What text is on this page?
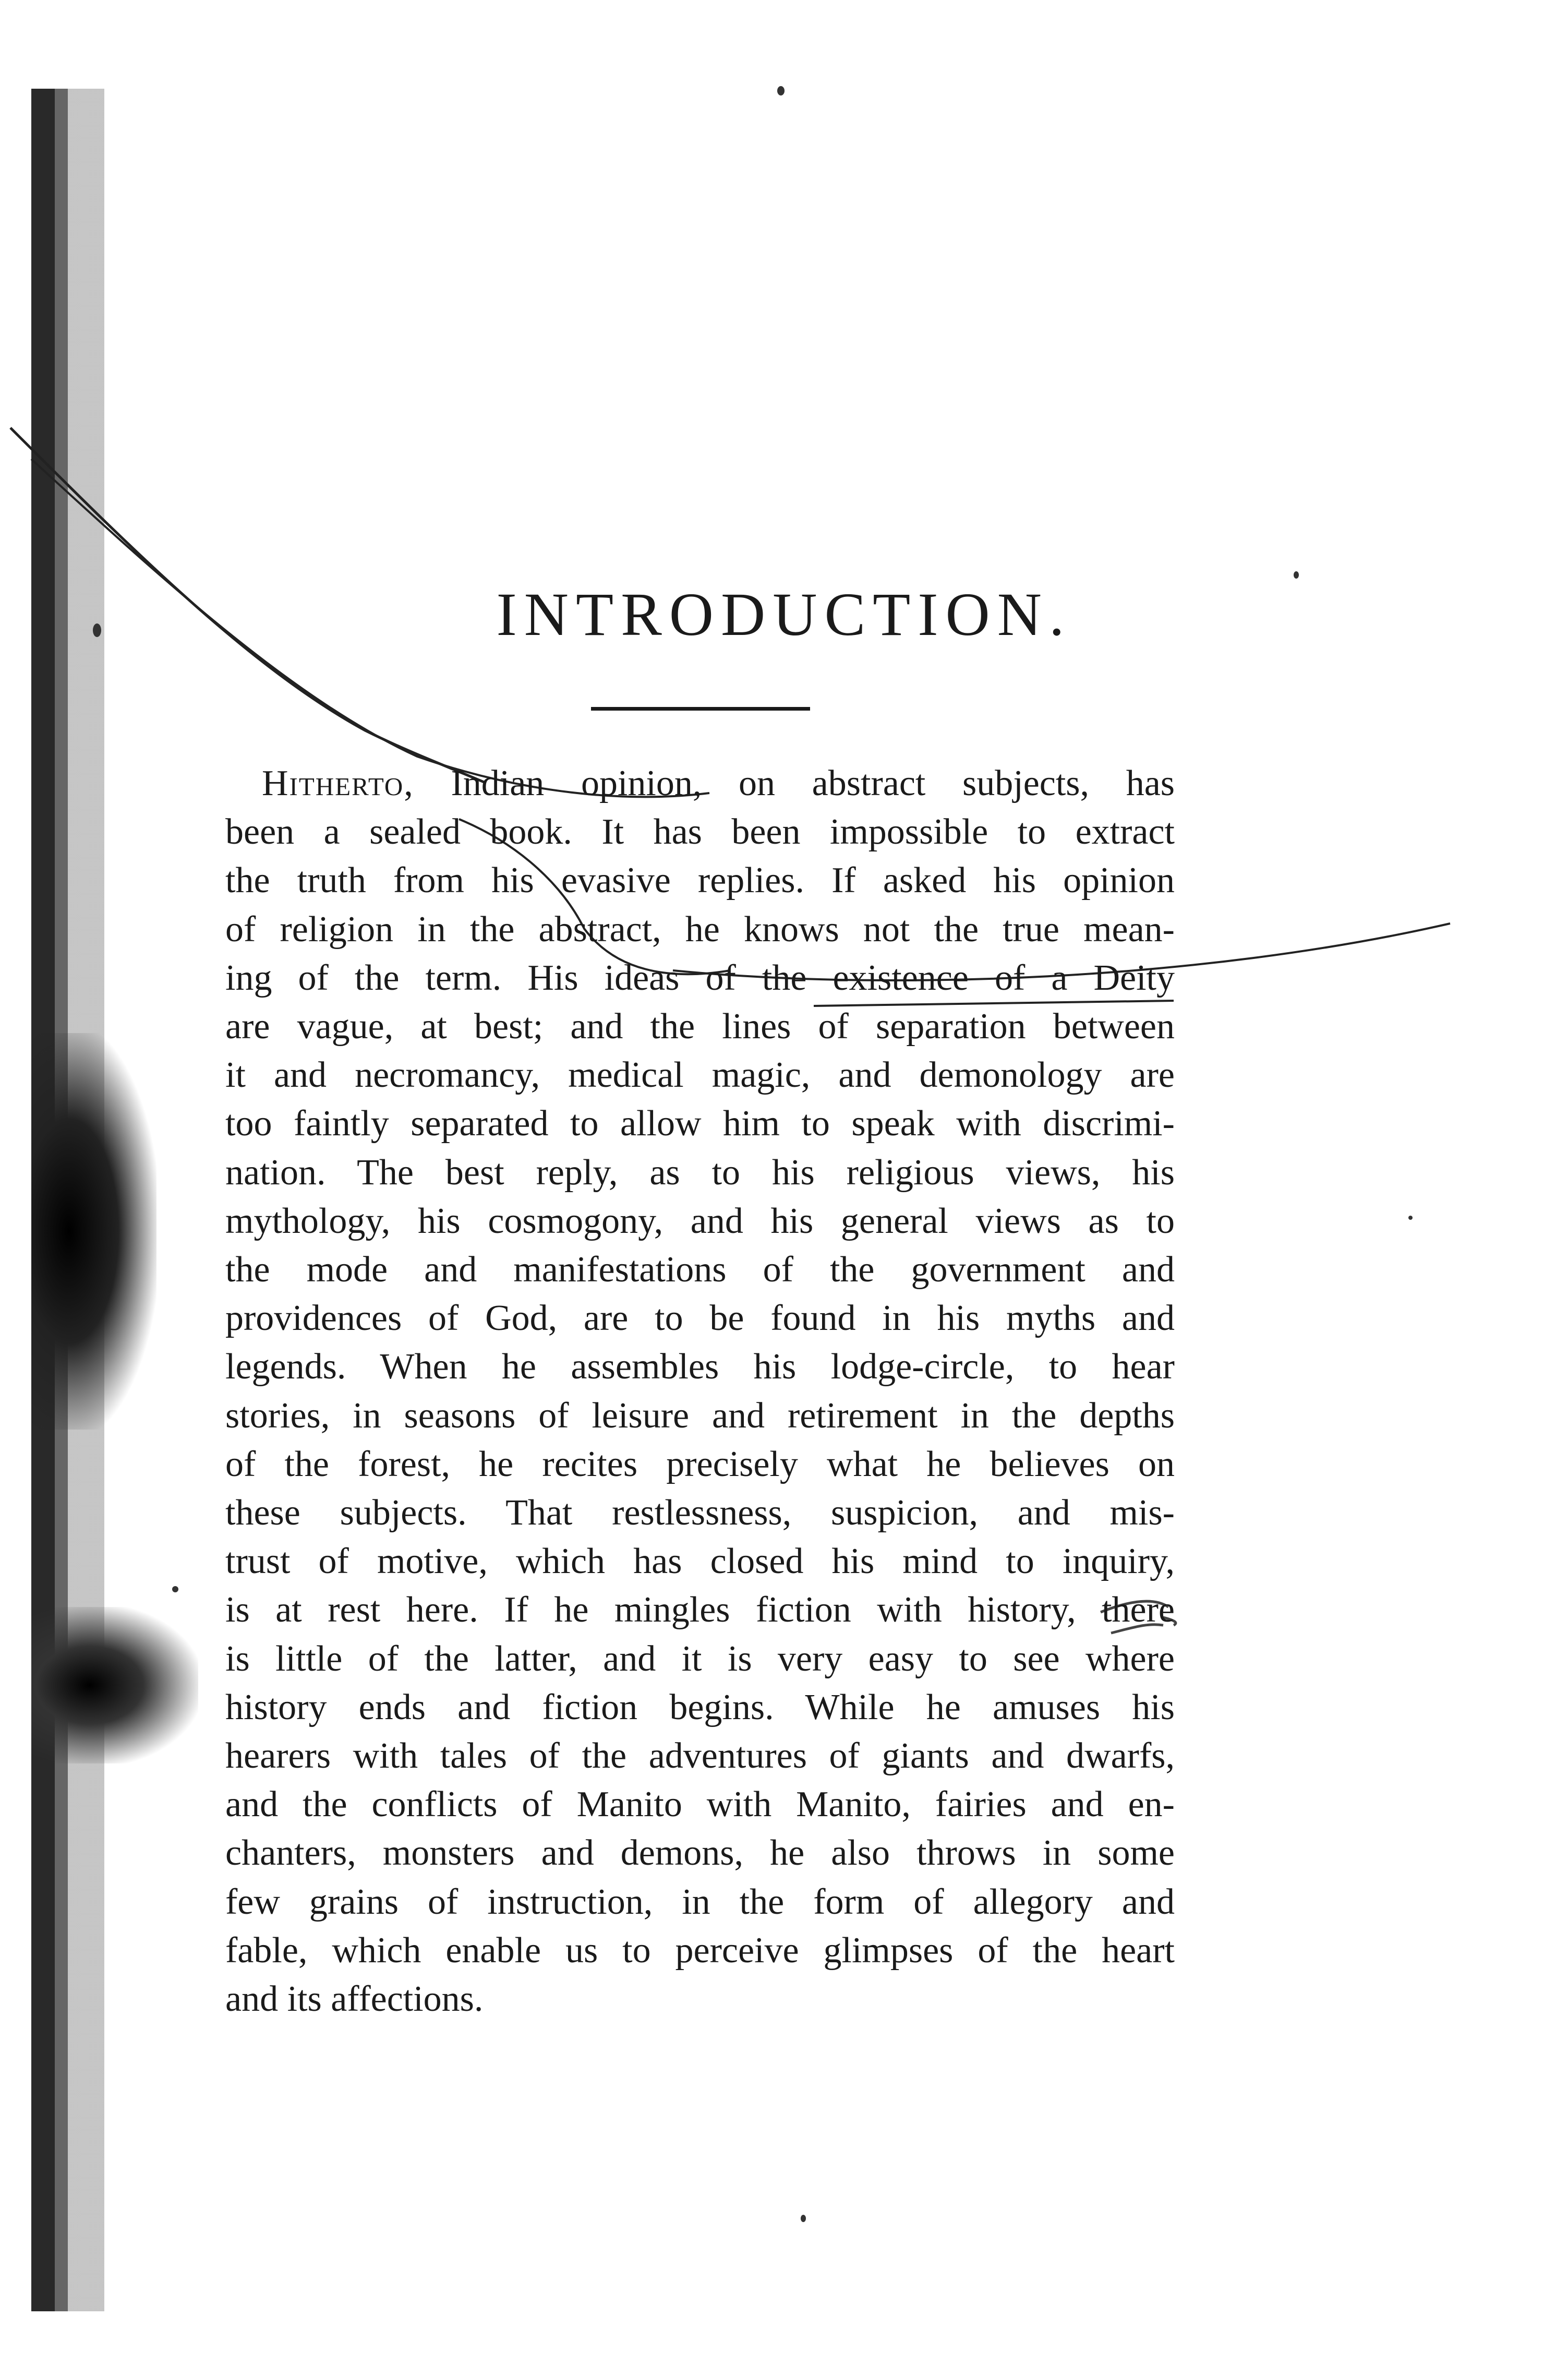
INTRODUCTION.
Hitherto, Indian opinion, on abstract subjects, has
been a sealed book. It has been impossible to extract
the truth from his evasive replies. If asked his opinion
of religion in the abstract, he knows not the true mean-
ing of the term. His ideas of the existence of a Deity
are vague, at best; and the lines of separation between
it and necromancy, medical magic, and demonology are
too faintly separated to allow him to speak with discrimi-
nation. The best reply, as to his religious views, his
mythology, his cosmogony, and his general views as to
the mode and manifestations of the government and
providences of God, are to be found in his myths and
legends. When he assembles his lodge-circle, to hear
stories, in seasons of leisure and retirement in the depths
of the forest, he recites precisely what he believes on
these subjects. That restlessness, suspicion, and mis-
trust of motive, which has closed his mind to inquiry,
is at rest here. If he mingles fiction with history, there
is little of the latter, and it is very easy to see where
history ends and fiction begins. While he amuses his
hearers with tales of the adventures of giants and dwarfs,
and the conflicts of Manito with Manito, fairies and en-
chanters, monsters and demons, he also throws in some
few grains of instruction, in the form of allegory and
fable, which enable us to perceive glimpses of the heart
and its affections.
